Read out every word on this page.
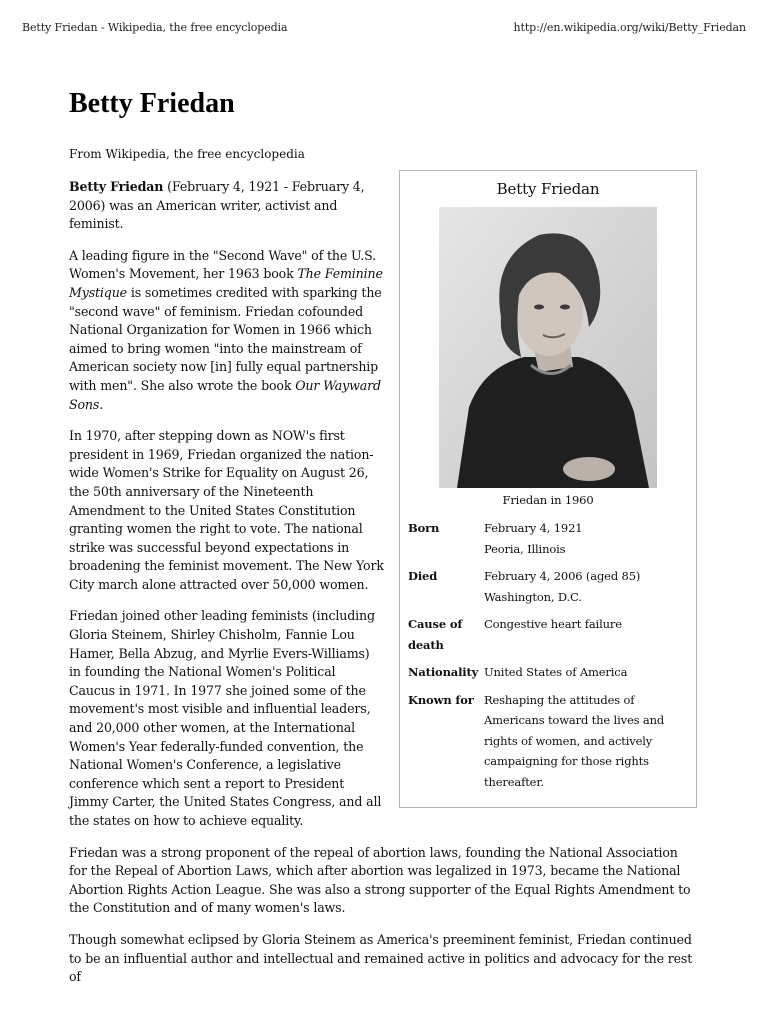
Betty Friedan - Wikipedia, the free encyclopedia	http://en.wikipedia.org/wiki/Betty_Friedan
Betty Friedan

From Wikipedia, the free encyclopedia

Betty Friedan
Friedan in 1960
Born	February 4, 1921
Peoria, Illinois

Died	February 4, 2006 (aged 85)
Washington, D.C.

Cause of death	Congestive heart failure
Nationality	United States of America
Known for	Reshaping the attitudes of Americans toward the lives and rights of women, and actively campaigning for those rights thereafter.

Betty Friedan (February 4, 1921 - February 4, 2006) was an American writer, activist and feminist.

A leading figure in the "Second Wave" of the U.S. Women's Movement, her 1963 book The Feminine Mystique is sometimes credited with sparking the "second wave" of feminism. Friedan cofounded National Organization for Women in 1966 which aimed to bring women "into the mainstream of American society now [in] fully equal partnership with men". She also wrote the book Our Wayward Sons.

In 1970, after stepping down as NOW's first president in 1969, Friedan organized the nation-wide Women's Strike for Equality on August 26, the 50th anniversary of the Nineteenth Amendment to the United States Constitution granting women the right to vote. The national strike was successful beyond expectations in broadening the feminist movement. The New York City march alone attracted over 50,000 women.

Friedan joined other leading feminists (including Gloria Steinem, Shirley Chisholm, Fannie Lou Hamer, Bella Abzug, and Myrlie Evers-Williams) in founding the National Women's Political Caucus in 1971. In 1977 she joined some of the movement's most visible and influential leaders, and 20,000 other women, at the International Women's Year federally-funded convention, the National Women's Conference, a legislative conference which sent a report to President Jimmy Carter, the United States Congress, and all the states on how to achieve equality.

Friedan was a strong proponent of the repeal of abortion laws, founding the National Association for the Repeal of Abortion Laws, which after abortion was legalized in 1973, became the National Abortion Rights Action League. She was also a strong supporter of the Equal Rights Amendment to the Constitution and of many women's laws.

Though somewhat eclipsed by Gloria Steinem as America's preeminent feminist, Friedan continued to be an influential author and intellectual and remained active in politics and advocacy for the rest of
